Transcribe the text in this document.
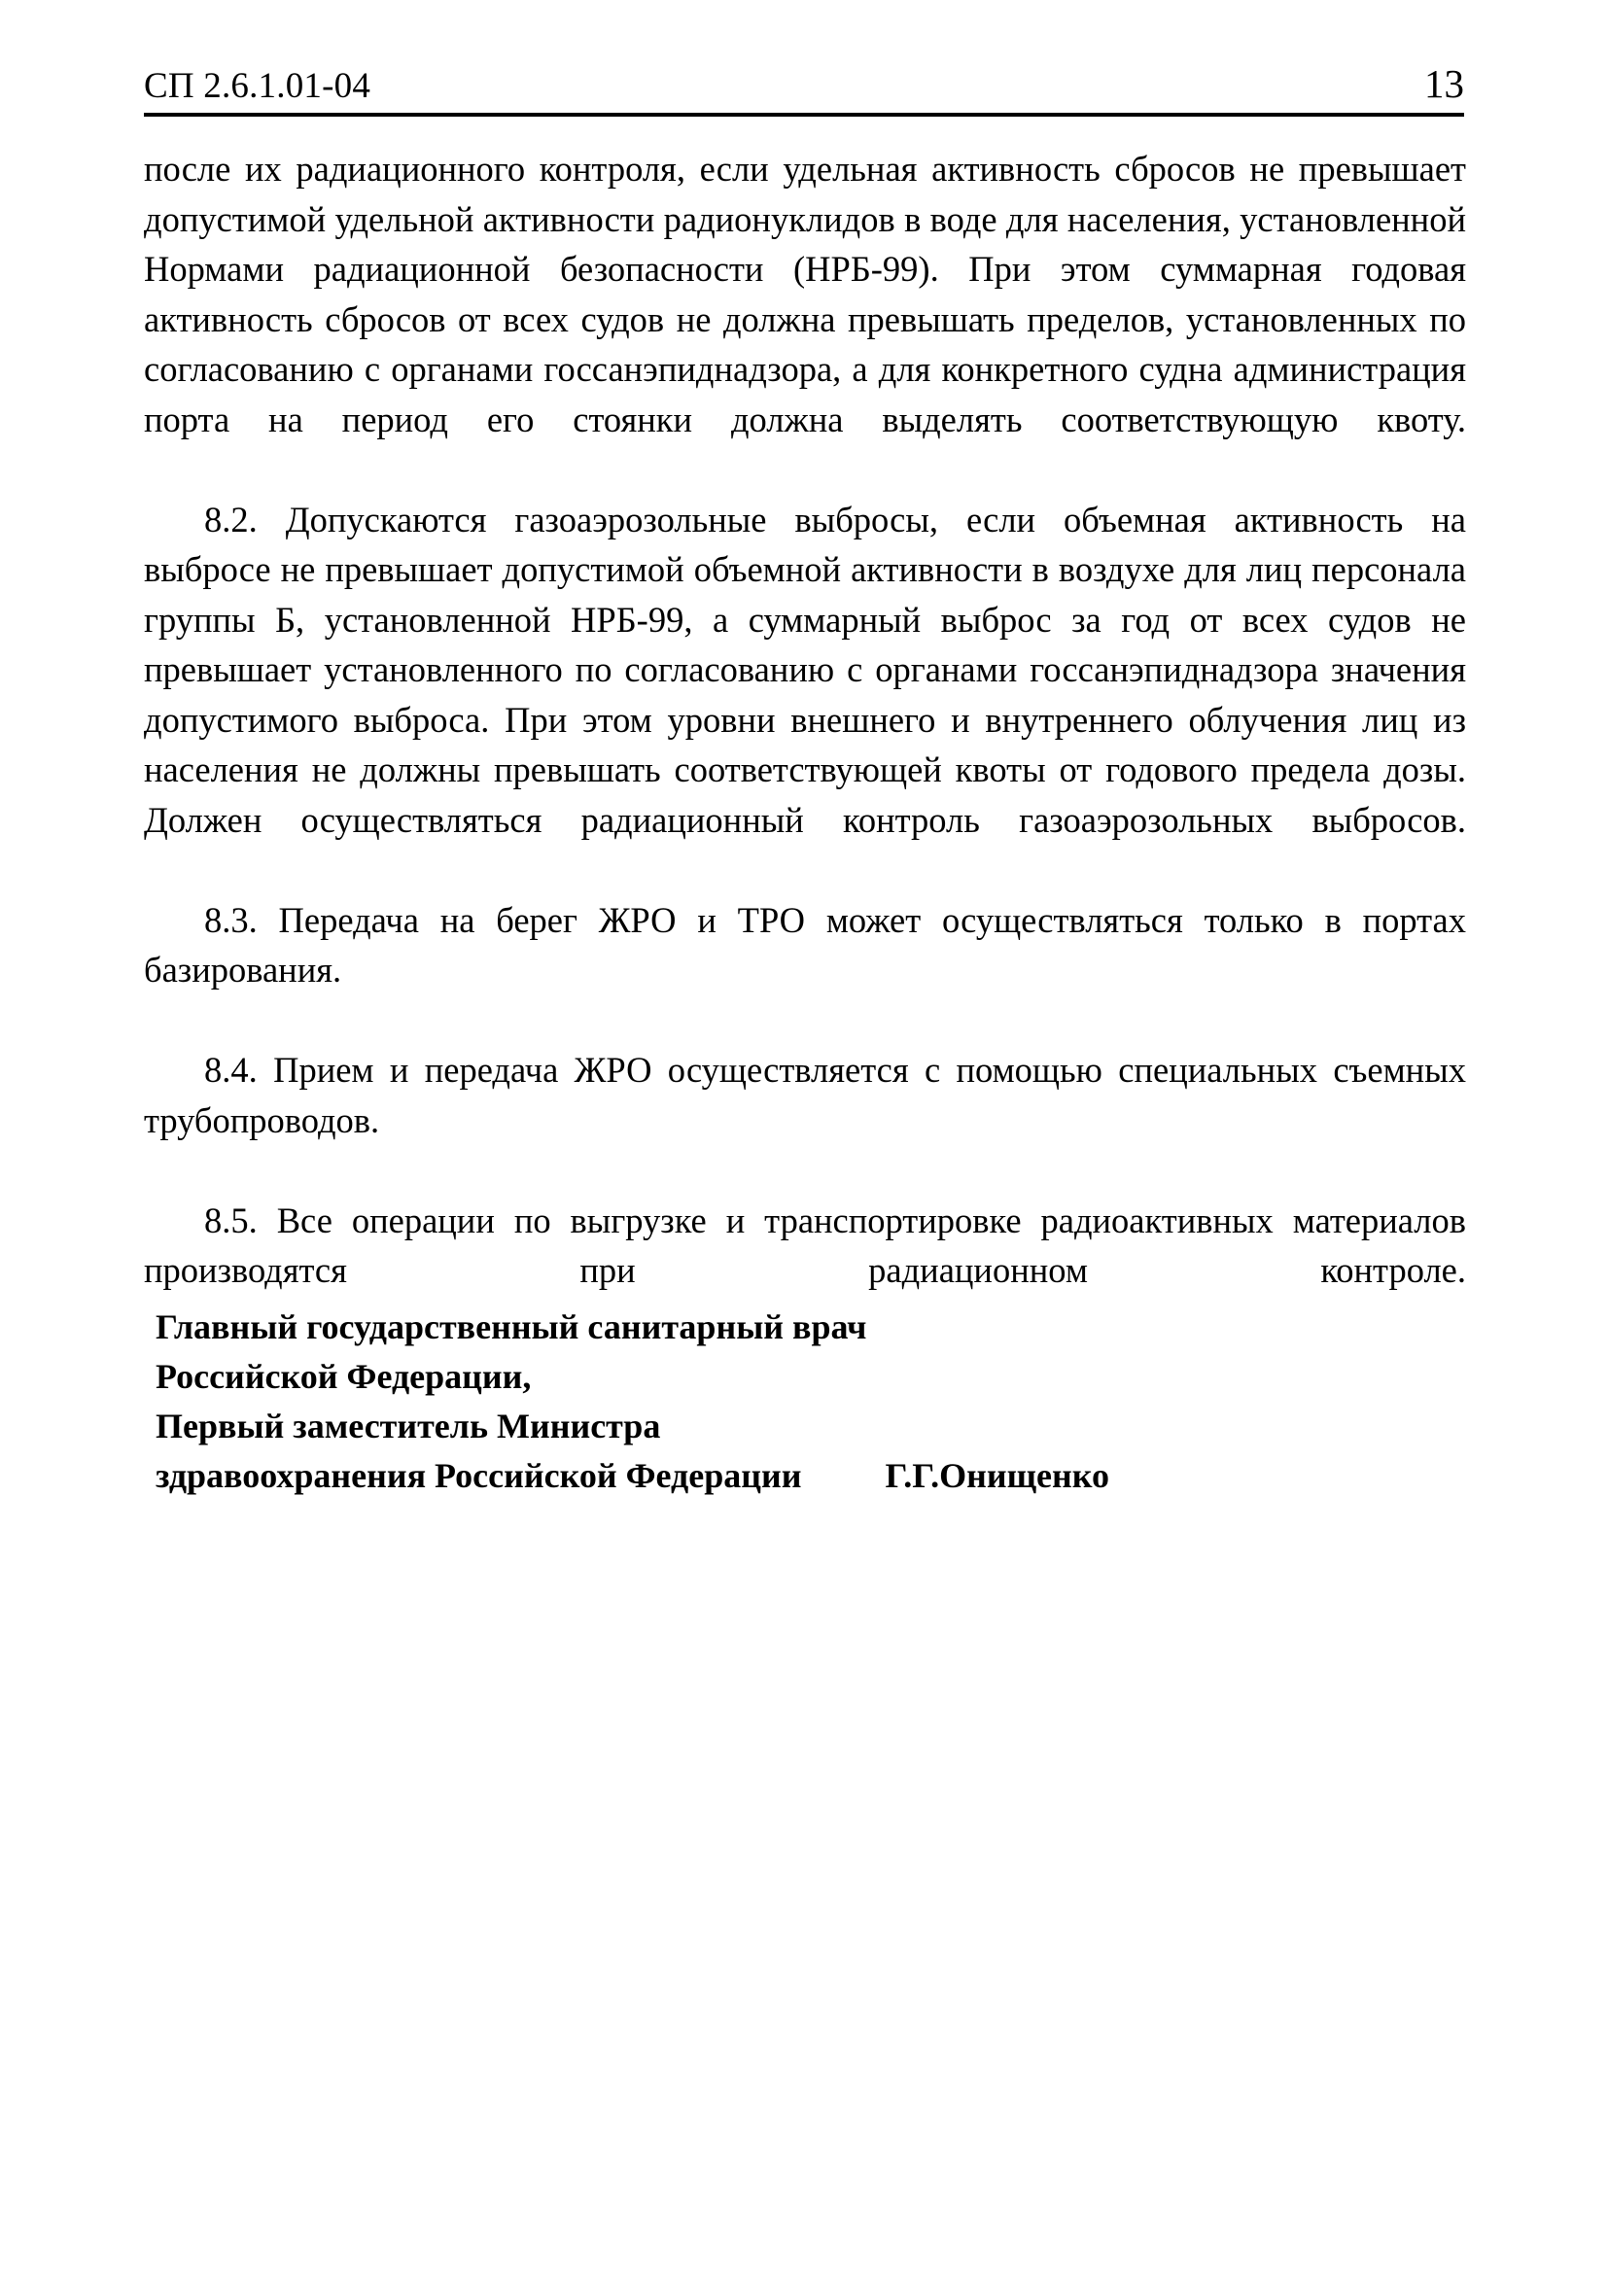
СП 2.6.1.01-04	13

после их радиационного контроля, если удельная активность сбросов не превышает допустимой удельной активности радионуклидов в воде для населения, установленной Нормами радиационной безопасности (НРБ-99). При этом суммарная годовая активность сбросов от всех судов не должна превышать пределов, установленных по согласованию с органами госсанэпиднадзора, а для конкретного судна администрация порта на период его стоянки должна выделять соответствующую квоту.

8.2. Допускаются газоаэрозольные выбросы, если объемная активность на выбросе не превышает допустимой объемной активности в воздухе для лиц персонала группы Б, установленной НРБ-99, а суммарный выброс за год от всех судов не превышает установленного по согласованию с органами госсанэпиднадзора значения допустимого выброса. При этом уровни внешнего и внутреннего облучения лиц из населения не должны превышать соответствующей квоты от годового предела дозы. Должен осуществляться радиационный контроль газоаэрозольных выбросов.

8.3. Передача на берег ЖРО и ТРО может осуществляться только в портах базирования.

8.4. Прием и передача ЖРО осуществляется с помощью специальных съемных трубопроводов.

8.5. Все операции по выгрузке и транспортировке радиоактивных материалов производятся при радиационном контроле.

Главный государственный санитарный врач
Российской Федерации,
Первый заместитель Министра
здравоохранения Российской Федерации Г.Г.Онищенко
